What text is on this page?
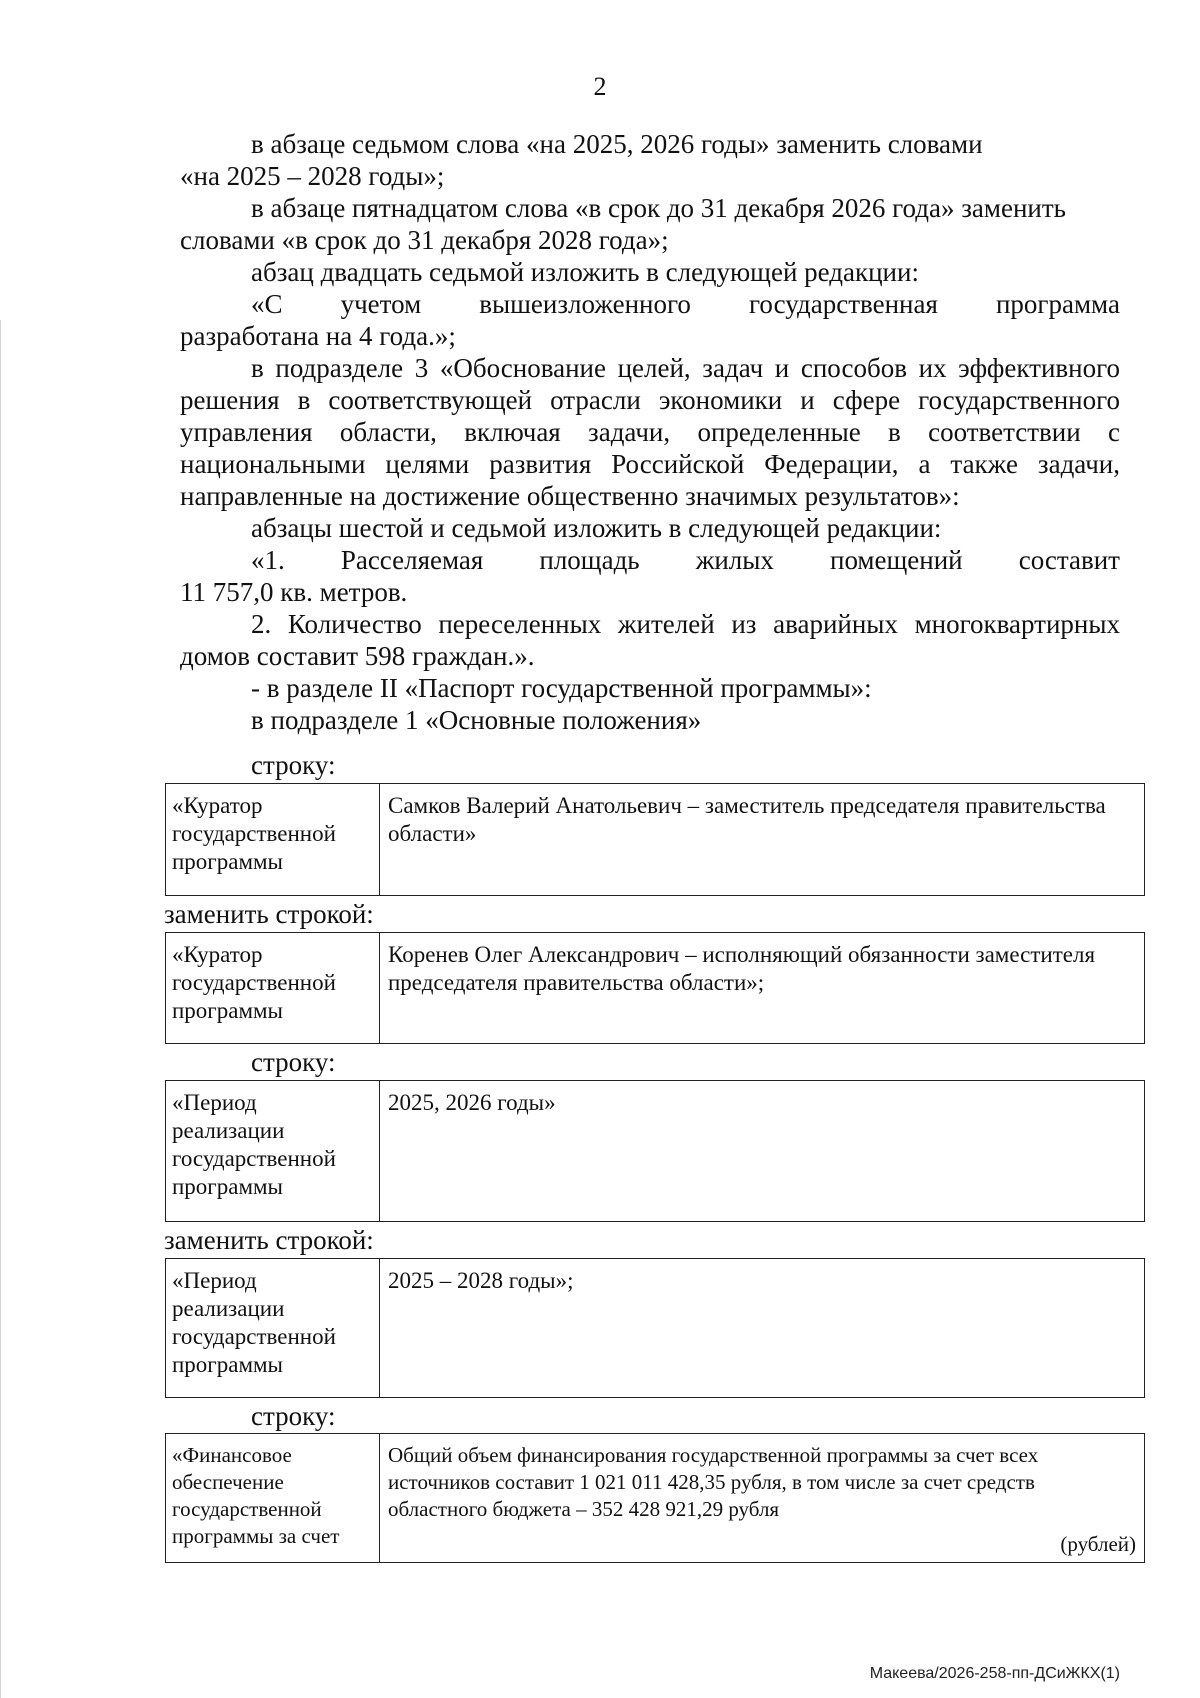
2

в абзаце седьмом слова «на 2025, 2026 годы» заменить словами

«на 2025 – 2028 годы»;

в абзаце пятнадцатом слова «в срок до 31 декабря 2026 года» заменить

словами «в срок до 31 декабря 2028 года»;

абзац двадцать седьмой изложить в следующей редакции:

«С учетом вышеизложенного государственная программа

разработана на 4 года.»;

в подразделе 3 «Обоснование целей, задач и способов их эффективного решения в соответствующей отрасли экономики и сфере государственного управления области, включая задачи, определенные в соответствии с национальными целями развития Российской Федерации, а также задачи, направленные на достижение общественно значимых результатов»:

абзацы шестой и седьмой изложить в следующей редакции:

«1. Расселяемая площадь жилых помещений составит

11 757,0 кв. метров.

2. Количество переселенных жителей из аварийных многоквартирных домов составит 598 граждан.».

- в разделе II «Паспорт государственной программы»:

в подразделе 1 «Основные положения»

строку:
«Куратор государственной программы
Самков Валерий Анатольевич – заместитель председателя правительства области»
заменить строкой:
«Куратор государственной программы
Коренев Олег Александрович – исполняющий обязанности заместителя председателя правительства области»;
строку:
«Период реализации государственной программы
2025, 2026 годы»
заменить строкой:
«Период реализации государственной программы
2025 – 2028 годы»;
строку:
«Финансовое обеспечение государственной программы за счет
Общий объем финансирования государственной программы за счет всех источников составит 1 021 011 428,35 рубля, в том числе за счет средств областного бюджета – 352 428 921,29 рубля
(рублей)
Макеева/2026-258-пп-ДСиЖКХ(1)
